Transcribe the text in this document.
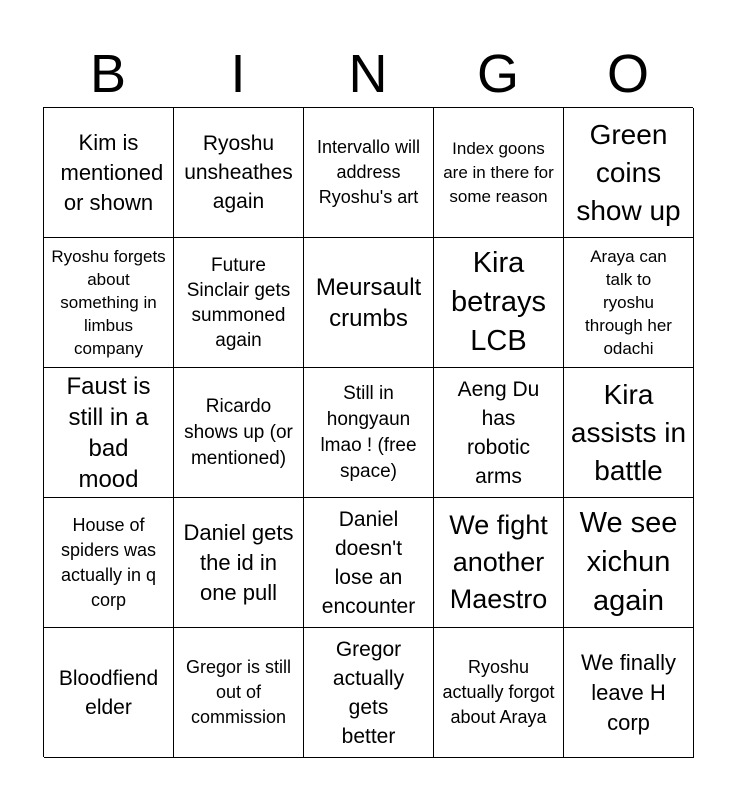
B	I	N	G	O
Kim is mentioned or shown
Ryoshu unsheathes again
Intervallo will address Ryoshu's art
Index goons are in there for some reason
Green coins show up
Ryoshu forgets about something in limbus company
Future Sinclair gets summoned again
Meursault crumbs
Kira betrays LCB
Araya can talk to ryoshu through her odachi
Faust is still in a bad mood
Ricardo shows up (or mentioned)
Still in hongyaun lmao ! (free space)
Aeng Du has robotic arms
Kira assists in battle
House of spiders was actually in q corp
Daniel gets the id in one pull
Daniel doesn't lose an encounter
We fight another Maestro
We see xichun again
Bloodfiend elder
Gregor is still out of commission
Gregor actually gets better
Ryoshu actually forgot about Araya
We finally leave H corp
